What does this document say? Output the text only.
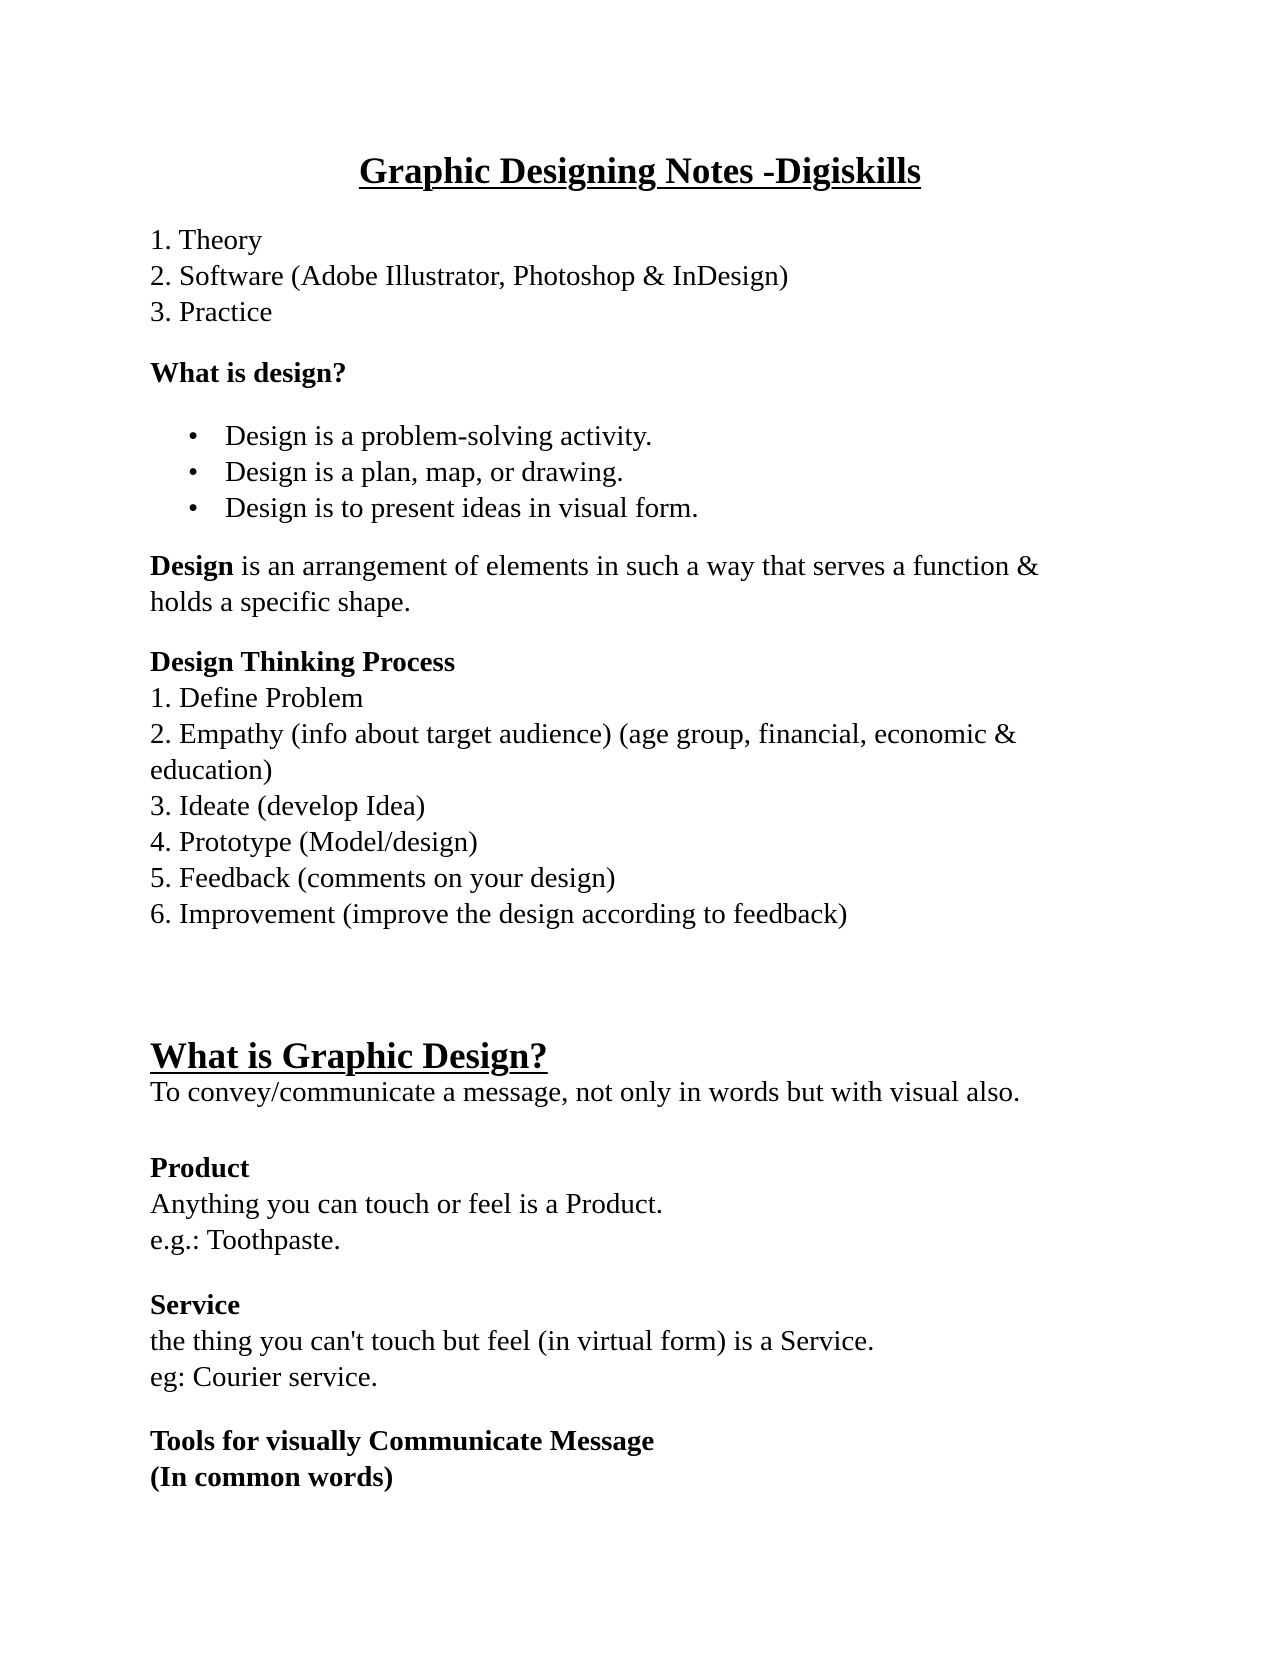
Graphic Designing Notes -Digiskills
1. Theory
2. Software (Adobe Illustrator, Photoshop & InDesign)
3. Practice
What is design?
• Design is a problem-solving activity.
• Design is a plan, map, or drawing.
• Design is to present ideas in visual form.
Design is an arrangement of elements in such a way that serves a function &
holds a specific shape.
Design Thinking Process
1. Define Problem
2. Empathy (info about target audience) (age group, financial, economic &
education)
3. Ideate (develop Idea)
4. Prototype (Model/design)
5. Feedback (comments on your design)
6. Improvement (improve the design according to feedback)
What is Graphic Design?
To convey/communicate a message, not only in words but with visual also.
Product
Anything you can touch or feel is a Product.
e.g.: Toothpaste.
Service
the thing you can't touch but feel (in virtual form) is a Service.
eg: Courier service.
Tools for visually Communicate Message
(In common words)
